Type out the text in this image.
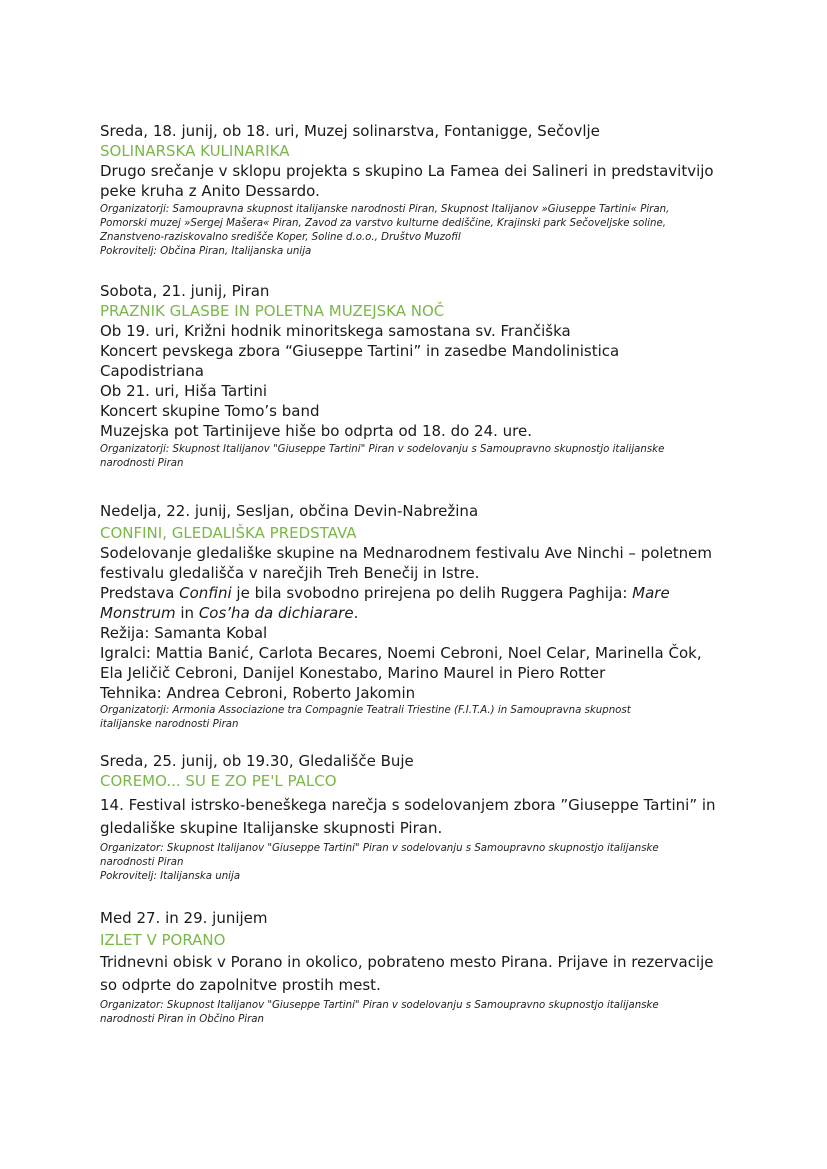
Sreda, 18. junij, ob 18. uri, Muzej solinarstva, Fontanigge, Sečovlje
SOLINARSKA KULINARIKA
Drugo srečanje v sklopu projekta s skupino La Famea dei Salineri in predstavitvijo
peke kruha z Anito Dessardo.
Organizatorji: Samoupravna skupnost italijanske narodnosti Piran, Skupnost Italijanov »Giuseppe Tartini« Piran,
Pomorski muzej »Sergej Mašera« Piran, Zavod za varstvo kulturne dediščine, Krajinski park Sečoveljske soline,
Znanstveno-raziskovalno središče Koper, Soline d.o.o., Društvo Muzofil
Pokrovitelj: Občina Piran, Italijanska unija
Sobota, 21. junij, Piran
PRAZNIK GLASBE IN POLETNA MUZEJSKA NOČ
Ob 19. uri, Križni hodnik minoritskega samostana sv. Frančiška
Koncert pevskega zbora “Giuseppe Tartini” in zasedbe Mandolinistica
Capodistriana
Ob 21. uri, Hiša Tartini
Koncert skupine Tomo’s band
Muzejska pot Tartinijeve hiše bo odprta od 18. do 24. ure.
Organizatorji: Skupnost Italijanov "Giuseppe Tartini" Piran v sodelovanju s Samoupravno skupnostjo italijanske
narodnosti Piran
Nedelja, 22. junij, Sesljan, občina Devin-Nabrežina
CONFINI, GLEDALIŠKA PREDSTAVA
Sodelovanje gledališke skupine na Mednarodnem festivalu Ave Ninchi – poletnem
festivalu gledališča v narečjih Treh Benečij in Istre.
Predstava Confini je bila svobodno prirejena po delih Ruggera Paghija: Mare
Monstrum in Cos’ha da dichiarare.
Režija: Samanta Kobal
Igralci: Mattia Banić, Carlota Becares, Noemi Cebroni, Noel Celar, Marinella Čok,
Ela Jeličič Cebroni, Danijel Konestabo, Marino Maurel in Piero Rotter
Tehnika: Andrea Cebroni, Roberto Jakomin
Organizatorji: Armonia Associazione tra Compagnie Teatrali Triestine (F.I.T.A.) in Samoupravna skupnost
italijanske narodnosti Piran
Sreda, 25. junij, ob 19.30, Gledališče Buje
COREMO... SU E ZO PE'L PALCO
14. Festival istrsko-beneškega narečja s sodelovanjem zbora ”Giuseppe Tartini” in
gledališke skupine Italijanske skupnosti Piran.
Organizator: Skupnost Italijanov "Giuseppe Tartini" Piran v sodelovanju s Samoupravno skupnostjo italijanske
narodnosti Piran
Pokrovitelj: Italijanska unija
Med 27. in 29. junijem
IZLET V PORANO
Tridnevni obisk v Porano in okolico, pobrateno mesto Pirana. Prijave in rezervacije
so odprte do zapolnitve prostih mest.
Organizator: Skupnost Italijanov "Giuseppe Tartini" Piran v sodelovanju s Samoupravno skupnostjo italijanske
narodnosti Piran in Občino Piran
